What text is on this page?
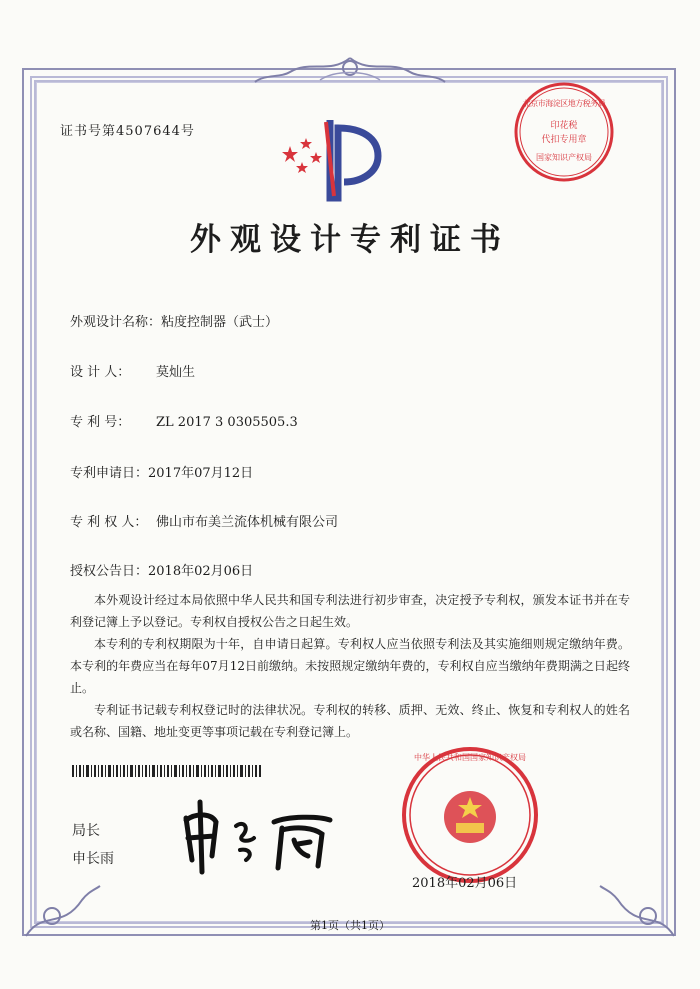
证书号第4507644号
北京市海淀区地方税务局
印花税
代扣专用章
国家知识产权局
外观设计专利证书
外观设计名称：粘度控制器（武士）
设 计 人： 莫灿生
专 利 号： ZL 2017 3 0305505.3
专利申请日：2017年07月12日
专 利 权 人： 佛山市布美兰流体机械有限公司
授权公告日：2018年02月06日

本外观设计经过本局依照中华人民共和国专利法进行初步审查，决定授予专利权，颁发本证书并在专利登记簿上予以登记。专利权自授权公告之日起生效。

本专利的专利权期限为十年，自申请日起算。专利权人应当依照专利法及其实施细则规定缴纳年费。本专利的年费应当在每年07月12日前缴纳。未按照规定缴纳年费的，专利权自应当缴纳年费期满之日起终止。

专利证书记载专利权登记时的法律状况。专利权的转移、质押、无效、终止、恢复和专利权人的姓名或名称、国籍、地址变更等事项记载在专利登记簿上。

局长
申长雨
中华人民共和国国家知识产权局
2018年02月06日
第1页（共1页）
